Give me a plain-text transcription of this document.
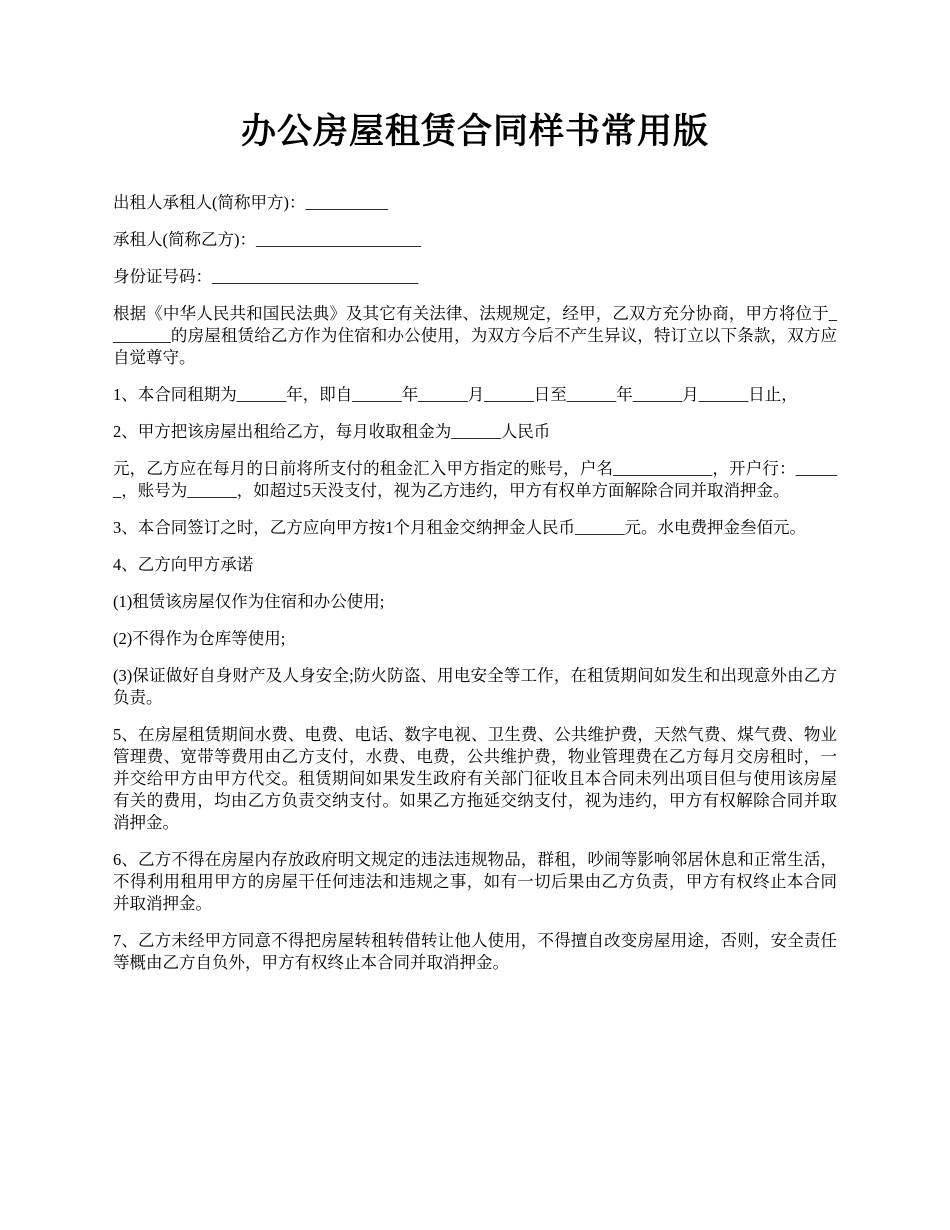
办公房屋租赁合同样书常用版

出租人承租人(简称甲方)：__________

承租人(简称乙方)：____________________

身份证号码：_________________________

根据《中华人民共和国民法典》及其它有关法律、法规规定，经甲，乙双方充分协商，甲方将位于________的房屋租赁给乙方作为住宿和办公使用，为双方今后不产生异议，特订立以下条款，双方应自觉尊守。

1、本合同租期为______年，即自______年______月______日至______年______月______日止，

2、甲方把该房屋出租给乙方，每月收取租金为______人民币

元，乙方应在每月的日前将所支付的租金汇入甲方指定的账号，户名____________，开户行：______，账号为______，如超过5天没支付，视为乙方违约，甲方有权单方面解除合同并取消押金。

3、本合同签订之时，乙方应向甲方按1个月租金交纳押金人民币______元。水电费押金叁佰元。

4、乙方向甲方承诺

(1)租赁该房屋仅作为住宿和办公使用;

(2)不得作为仓库等使用;

(3)保证做好自身财产及人身安全;防火防盗、用电安全等工作，在租赁期间如发生和出现意外由乙方负责。

5、在房屋租赁期间水费、电费、电话、数字电视、卫生费、公共维护费，天然气费、煤气费、物业管理费、宽带等费用由乙方支付，水费、电费，公共维护费，物业管理费在乙方每月交房租时，一并交给甲方由甲方代交。租赁期间如果发生政府有关部门征收且本合同未列出项目但与使用该房屋有关的费用，均由乙方负责交纳支付。如果乙方拖延交纳支付，视为违约，甲方有权解除合同并取消押金。

6、乙方不得在房屋内存放政府明文规定的违法违规物品，群租，吵闹等影响邻居休息和正常生活，不得利用租用甲方的房屋干任何违法和违规之事，如有一切后果由乙方负责，甲方有权终止本合同并取消押金。

7、乙方未经甲方同意不得把房屋转租转借转让他人使用，不得擅自改变房屋用途，否则，安全责任等概由乙方自负外，甲方有权终止本合同并取消押金。
